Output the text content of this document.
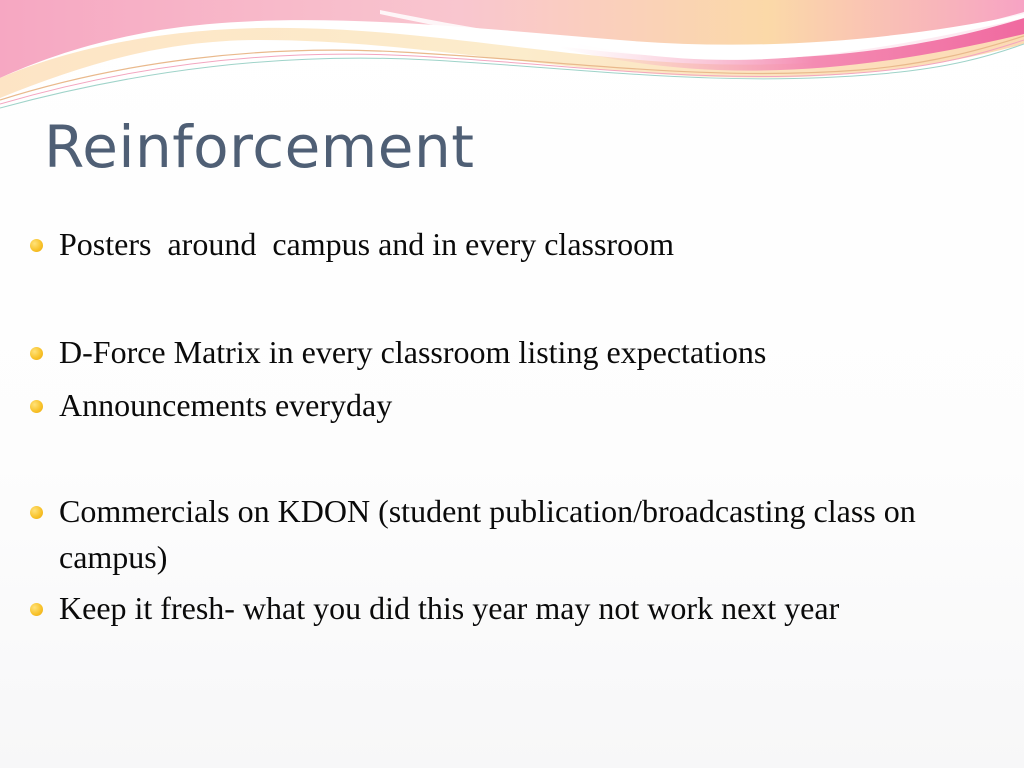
Reinforcement
Posters  around  campus and in every classroom
D-Force Matrix in every classroom listing expectations
Announcements everyday
Commercials on KDON (student publication/broadcasting class on campus)
Keep it fresh- what you did this year may not work next year
